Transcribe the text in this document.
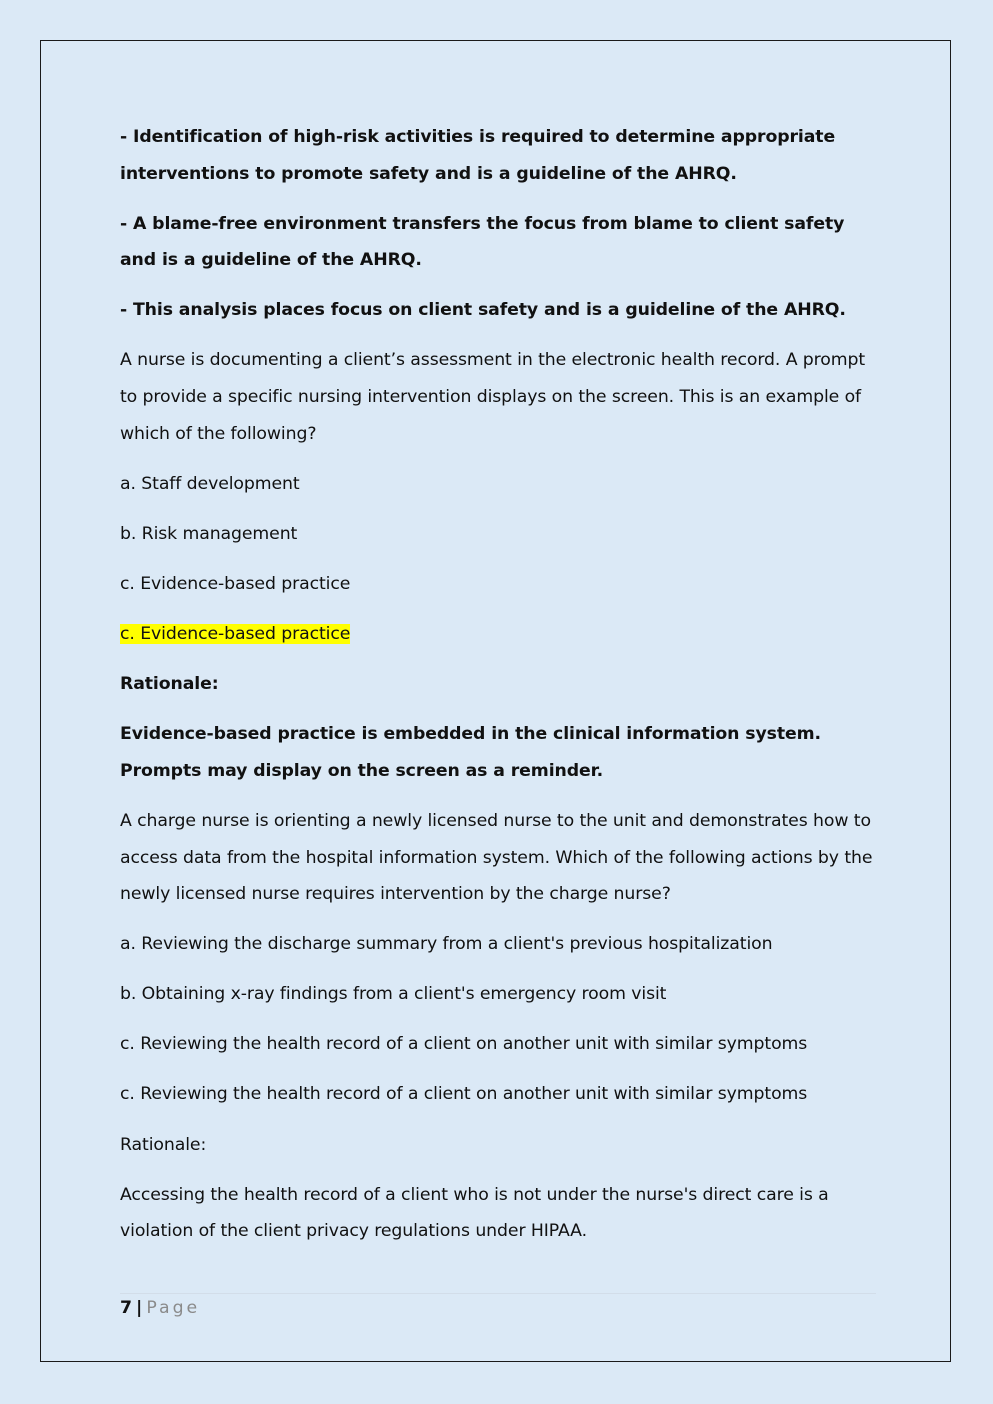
- Identification of high-risk activities is required to determine appropriate interventions to promote safety and is a guideline of the AHRQ.

- A blame-free environment transfers the focus from blame to client safety and is a guideline of the AHRQ.

- This analysis places focus on client safety and is a guideline of the AHRQ.

A nurse is documenting a client’s assessment in the electronic health record. A prompt to provide a specific nursing intervention displays on the screen. This is an example of which of the following?

a. Staff development

b. Risk management

c. Evidence-based practice

c. Evidence-based practice

Rationale:

Evidence-based practice is embedded in the clinical information system. Prompts may display on the screen as a reminder.

A charge nurse is orienting a newly licensed nurse to the unit and demonstrates how to access data from the hospital information system. Which of the following actions by the newly licensed nurse requires intervention by the charge nurse?

a. Reviewing the discharge summary from a client's previous hospitalization

b. Obtaining x-ray findings from a client's emergency room visit

c. Reviewing the health record of a client on another unit with similar symptoms

c. Reviewing the health record of a client on another unit with similar symptoms

Rationale:

Accessing the health record of a client who is not under the nurse's direct care is a violation of the client privacy regulations under HIPAA.

7 | Page
